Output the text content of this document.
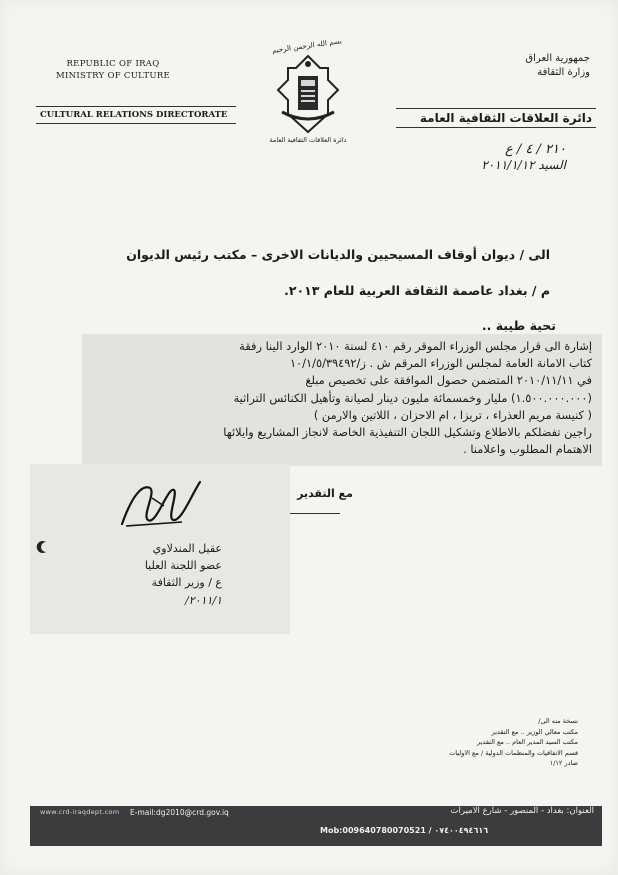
REPUBLIC OF IRAQ
MINISTRY OF CULTURE
CULTURAL RELATIONS DIRECTORATE
بسم الله الرحمن الرحيم
دائرة العلاقات الثقافية العامة
جمهورية العراق
وزارة الثقافة
دائرة العلاقات الثقافية العامة
٢١٠ / ٤ / ع
السيد ٢٠١١/١/١٢
الى / ديوان أوقاف المسيحيين والديانات الاخرى – مكتب رئيس الديوان
م / بغداد عاصمة الثقافة العربية للعام ٢٠١٣.
تحية طيبة ..
إشارة الى قرار مجلس الوزراء الموقر رقم ٤١٠ لسنة ٢٠١٠ الوارد الينا رفقة
كتاب الامانة العامة لمجلس الوزراء المرقم ش . ز/١٠/١/٥/٣٩٤٩٢
في ٢٠١٠/١١/١١ المتضمن حصول الموافقة على تخصيص مبلغ
(١.٥٠٠.٠٠٠.٠٠٠) مليار وخمسمائة مليون دينار لصيانة وتأهيل الكنائس التراثية
( كنيسة مريم العذراء ، تريزا ، ام الاحزان ، اللاتين والارمن )
راجين تفضلكم بالاطلاع وتشكيل اللجان التنفيذية الخاصة لانجاز المشاريع وايلائها
الاهتمام المطلوب واعلامنا .
مع التقدير
عقيل المندلاوي
عضو اللجنة العليا
ع / وزير الثقافة
٢٠١١/١/
نسخة منه الى/
مكتب معالي الوزير .. مع التقدير
مكتب السيد المدير العام .. مع التقدير
قسم الاتفاقيات والمنظمات الدولية / مع الاوليات
صادر ١/١٢
www.crd-iraqdept.com	E-mail:dg2010@crd.gov.iq	العنوان: بغداد - المنصور - شارع الاميرات
Mob:009640780070521 / ٠٧٤٠٠٤٩٤٦١٦
